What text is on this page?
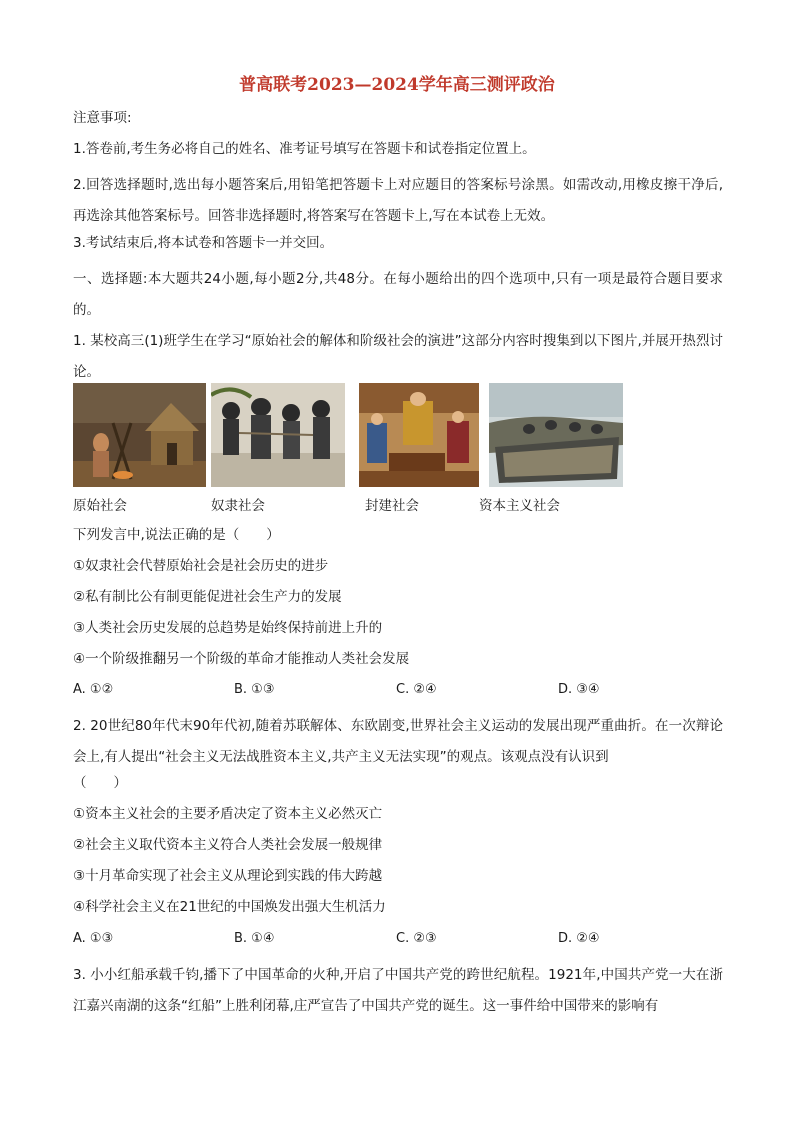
普高联考2023—2024学年高三测评政治
注意事项:
1.答卷前,考生务必将自己的姓名、准考证号填写在答题卡和试卷指定位置上。
2.回答选择题时,选出每小题答案后,用铅笔把答题卡上对应题目的答案标号涂黑。如需改动,用橡皮擦干净后,再选涂其他答案标号。回答非选择题时,将答案写在答题卡上,写在本试卷上无效。
3.考试结束后,将本试卷和答题卡一并交回。
一、选择题:本大题共24小题,每小题2分,共48分。在每小题给出的四个选项中,只有一项是最符合题目要求的。
1. 某校高三(1)班学生在学习“原始社会的解体和阶级社会的演进”这部分内容时搜集到以下图片,并展开热烈讨论。
原始社会	奴隶社会	封建社会	资本主义社会
下列发言中,说法正确的是（　　）
①奴隶社会代替原始社会是社会历史的进步
②私有制比公有制更能促进社会生产力的发展
③人类社会历史发展的总趋势是始终保持前进上升的
④一个阶级推翻另一个阶级的革命才能推动人类社会发展
A. ①②	B. ①③	C. ②④	D. ③④
2. 20世纪80年代末90年代初,随着苏联解体、东欧剧变,世界社会主义运动的发展出现严重曲折。在一次辩论会上,有人提出“社会主义无法战胜资本主义,共产主义无法实现”的观点。该观点没有认识到
（　　）
①资本主义社会的主要矛盾决定了资本主义必然灭亡
②社会主义取代资本主义符合人类社会发展一般规律
③十月革命实现了社会主义从理论到实践的伟大跨越
④科学社会主义在21世纪的中国焕发出强大生机活力
A. ①③	B. ①④	C. ②③	D. ②④
3. 小小红船承载千钧,播下了中国革命的火种,开启了中国共产党的跨世纪航程。1921年,中国共产党一大在浙江嘉兴南湖的这条“红船”上胜利闭幕,庄严宣告了中国共产党的诞生。这一事件给中国带来的影响有
